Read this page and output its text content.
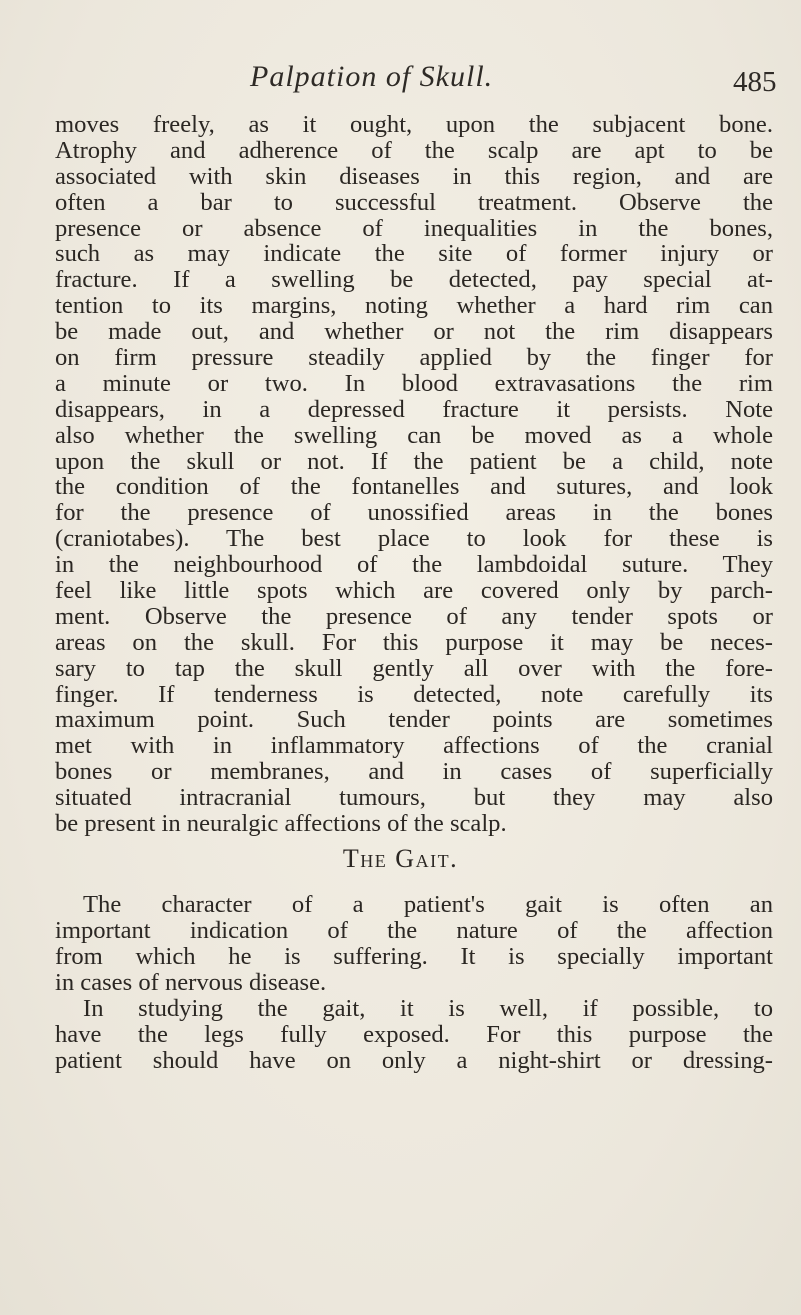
Palpation of Skull.	485
moves freely, as it ought, upon the subjacent bone.
Atrophy and adherence of the scalp are apt to be
associated with skin diseases in this region, and are
often a bar to successful treatment. Observe the
presence or absence of inequalities in the bones,
such as may indicate the site of former injury or
fracture. If a swelling be detected, pay special at-
tention to its margins, noting whether a hard rim can
be made out, and whether or not the rim disappears
on firm pressure steadily applied by the finger for
a minute or two. In blood extravasations the rim
disappears, in a depressed fracture it persists. Note
also whether the swelling can be moved as a whole
upon the skull or not. If the patient be a child, note
the condition of the fontanelles and sutures, and look
for the presence of unossified areas in the bones
(craniotabes). The best place to look for these is
in the neighbourhood of the lambdoidal suture. They
feel like little spots which are covered only by parch-
ment. Observe the presence of any tender spots or
areas on the skull. For this purpose it may be neces-
sary to tap the skull gently all over with the fore-
finger. If tenderness is detected, note carefully its
maximum point. Such tender points are sometimes
met with in inflammatory affections of the cranial
bones or membranes, and in cases of superficially
situated intracranial tumours, but they may also
be present in neuralgic affections of the scalp.
The Gait.
The character of a patient's gait is often an
important indication of the nature of the affection
from which he is suffering. It is specially important
in cases of nervous disease.
In studying the gait, it is well, if possible, to
have the legs fully exposed. For this purpose the
patient should have on only a night-shirt or dressing-
